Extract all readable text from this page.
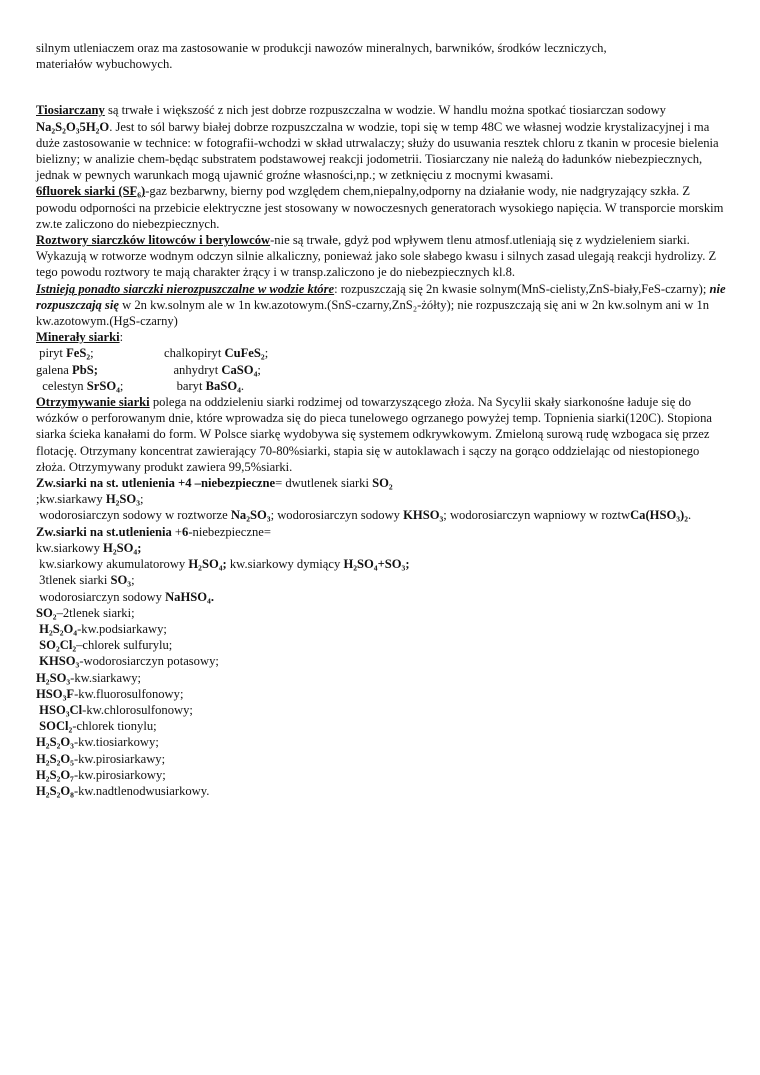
silnym utleniaczem oraz ma zastosowanie w produkcji nawozów mineralnych, barwników, środków leczniczych,
materiałów wybuchowych.

Tiosiarczany są trwałe i większość z nich jest dobrze rozpuszczalna w wodzie. W handlu można spotkać tiosiarczan sodowy Na₂S₂O₃5H₂O. Jest to sól barwy białej dobrze rozpuszczalna w wodzie, topi się w temp 48C we własnej wodzie krystalizacyjnej i ma duże zastosowanie w technice: w fotografii-wchodzi w skład utrwalaczy; służy do usuwania resztek chloru z tkanin w procesie bielenia bielizny; w analizie chem-będąc substratem podstawowej reakcji jodometrii. Tiosiarczany nie należą do ładunków niebezpiecznych, jednak w pewnych warunkach mogą ujawnić groźne własności,np.; w zetknięciu z mocnymi kwasami.

6fluorek siarki (SF₆)-gaz bezbarwny, bierny pod względem chem,niepalny,odporny na działanie wody, nie nadgryzający szkła. Z powodu odporności na przebicie elektryczne jest stosowany w nowoczesnych generatorach wysokiego napięcia. W transporcie morskim zw.te zaliczono do niebezpiecznych.

Roztwory siarczków litowców i berylowców-nie są trwałe, gdyż pod wpływem tlenu atmosf.utleniają się z wydzieleniem siarki. Wykazują w rotworze wodnym odczyn silnie alkaliczny, ponieważ jako sole słabego kwasu i silnych zasad ulegają reakcji hydrolizy. Z tego powodu roztwory te mają charakter żrący i w transp.zaliczono je do niebezpiecznych kl.8.

Istnieją ponadto siarczki nierozpuszczalne w wodzie które: rozpuszczają się 2n kwasie solnym(MnS-cielisty,ZnS-biały,FeS-czarny); nie rozpuszczają się w 2n kw.solnym ale w 1n kw.azotowym.(SnS-czarny,ZnS₂-żółty); nie rozpuszczają się ani w 2n kw.solnym ani w 1n kw.azotowym.(HgS-czarny)

Minerały siarki:

piryt FeS₂;	chalkopiryt CuFeS₂;
galena PbS;	anhydryt CaSO₄;
celestyn SrSO₄;	baryt BaSO₄.

Otrzymywanie siarki polega na oddzieleniu siarki rodzimej od towarzyszącego złoża. Na Sycylii skały siarkonośne ładuje się do wózków o perforowanym dnie, które wprowadza się do pieca tunelowego ogrzanego powyżej temp. Topnienia siarki(120C). Stopiona siarka ścieka kanałami do form. W Polsce siarkę wydobywa się systemem odkrywkowym. Zmieloną surową rudę wzbogaca się przez flotację. Otrzymany koncentrat zawierający 70-80%siarki, stapia się w autoklawach i sączy na gorąco oddzielając od niestopionego złoża. Otrzymywany produkt zawiera 99,5%siarki.

Zw.siarki na st. utlenienia +4 –niebezpieczne= dwutlenek siarki SO₂

;kw.siarkawy H₂SO₃;

wodorosiarczyn sodowy w roztworze Na₂SO₃; wodorosiarczyn sodowy KHSO₃; wodorosiarczyn wapniowy w roztwCa(HSO₃)₂.

Zw.siarki na st.utlenienia +6-niebezpieczne=

kw.siarkowy H₂SO₄;

kw.siarkowy akumulatorowy H₂SO₄; kw.siarkowy dymiący H₂SO₄+SO₃;

3tlenek siarki SO₃;

wodorosiarczyn sodowy NaHSO₄.

SO₂–2tlenek siarki;

H₂S₂O₄-kw.podsiarkawy;

SO₂Cl₂–chlorek sulfurylu;

KHSO₃-wodorosiarczyn potasowy;

H₂SO₃-kw.siarkawy;

HSO₃F-kw.fluorosulfonowy;

HSO₃Cl-kw.chlorosulfonowy;

SOCl₂-chlorek tionylu;

H₂S₂O₃-kw.tiosiarkowy;

H₂S₂O₅-kw.pirosiarkawy;

H₂S₂O₇-kw.pirosiarkowy;

H₂S₂O₈-kw.nadtlenodwusiarkowy.
